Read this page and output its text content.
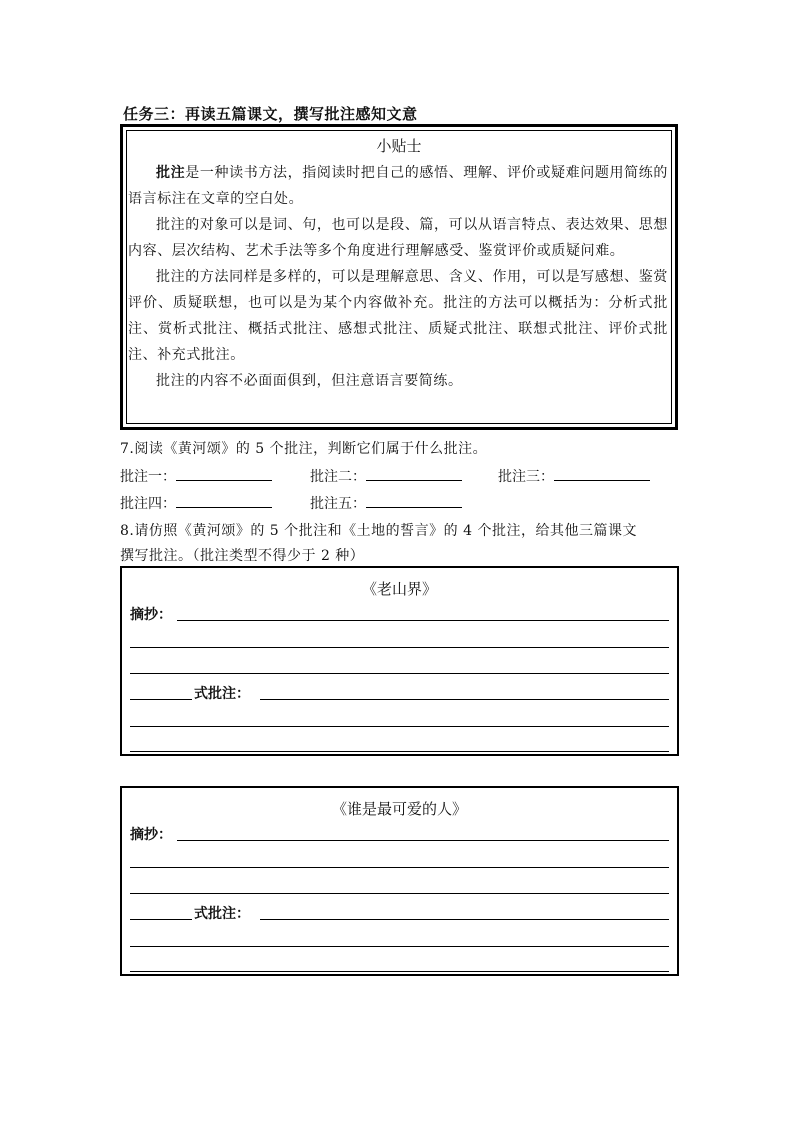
任务三：再读五篇课文，撰写批注感知文意
小贴士

批注是一种读书方法，指阅读时把自己的感悟、理解、评价或疑难问题用简练的语言标注在文章的空白处。

批注的对象可以是词、句，也可以是段、篇，可以从语言特点、表达效果、思想内容、层次结构、艺术手法等多个角度进行理解感受、鉴赏评价或质疑问难。

批注的方法同样是多样的，可以是理解意思、含义、作用，可以是写感想、鉴赏评价、质疑联想，也可以是为某个内容做补充。批注的方法可以概括为：分析式批注、赏析式批注、概括式批注、感想式批注、质疑式批注、联想式批注、评价式批注、补充式批注。

批注的内容不必面面俱到，但注意语言要简练。

7.阅读《黄河颂》的 5 个批注，判断它们属于什么批注。
批注一：	批注二：	批注三：
批注四：	批注五：
8.请仿照《黄河颂》的 5 个批注和《土地的誓言》的 4 个批注，给其他三篇课文
撰写批注。（批注类型不得少于 2 种）
《老山界》
摘抄：
式批注：
《谁是最可爱的人》
摘抄：
式批注：
